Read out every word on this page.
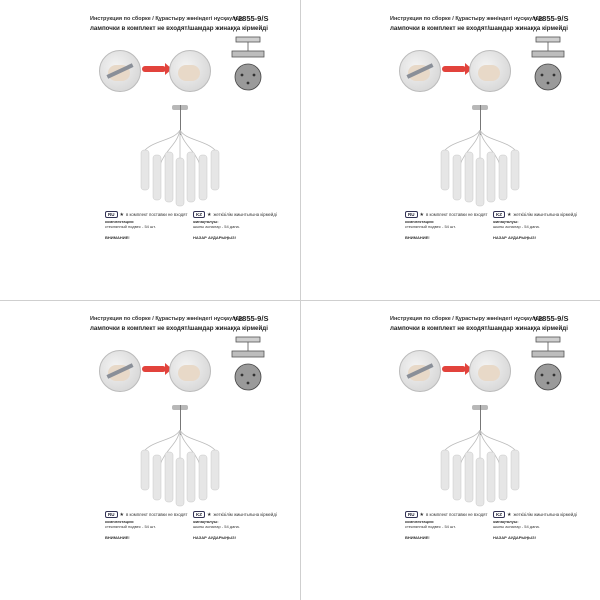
Инструкция по сборке / Құрастыру жөніндегі нұсқаулық
V2855-9/S
лампочки в комплект не входят/шамдар жинаққа кірмейді
RU ★ в комплект поставки не входят	KZ ★ жеткізілім жиынтығына кірмейді
комплектация:
стеклянный подвес - 54 шт.
ВНИМАНИЕ!
жинақталуы:
шыны аспалар - 54 дана.
НАЗАР АУДАРЫҢЫЗ!
Инструкция по сборке / Құрастыру жөніндегі нұсқаулық
V2855-9/S
лампочки в комплект не входят/шамдар жинаққа кірмейді
RU ★ в комплект поставки не входят	KZ ★ жеткізілім жиынтығына кірмейді
комплектация:
стеклянный подвес - 54 шт.
ВНИМАНИЕ!
жинақталуы:
шыны аспалар - 54 дана.
НАЗАР АУДАРЫҢЫЗ!
Инструкция по сборке / Құрастыру жөніндегі нұсқаулық
V2855-9/S
лампочки в комплект не входят/шамдар жинаққа кірмейді
RU ★ в комплект поставки не входят	KZ ★ жеткізілім жиынтығына кірмейді
комплектация:
стеклянный подвес - 54 шт.
ВНИМАНИЕ!
жинақталуы:
шыны аспалар - 54 дана.
НАЗАР АУДАРЫҢЫЗ!
Инструкция по сборке / Құрастыру жөніндегі нұсқаулық
V2855-9/S
лампочки в комплект не входят/шамдар жинаққа кірмейді
RU ★ в комплект поставки не входят	KZ ★ жеткізілім жиынтығына кірмейді
комплектация:
стеклянный подвес - 54 шт.
ВНИМАНИЕ!
жинақталуы:
шыны аспалар - 54 дана.
НАЗАР АУДАРЫҢЫЗ!
